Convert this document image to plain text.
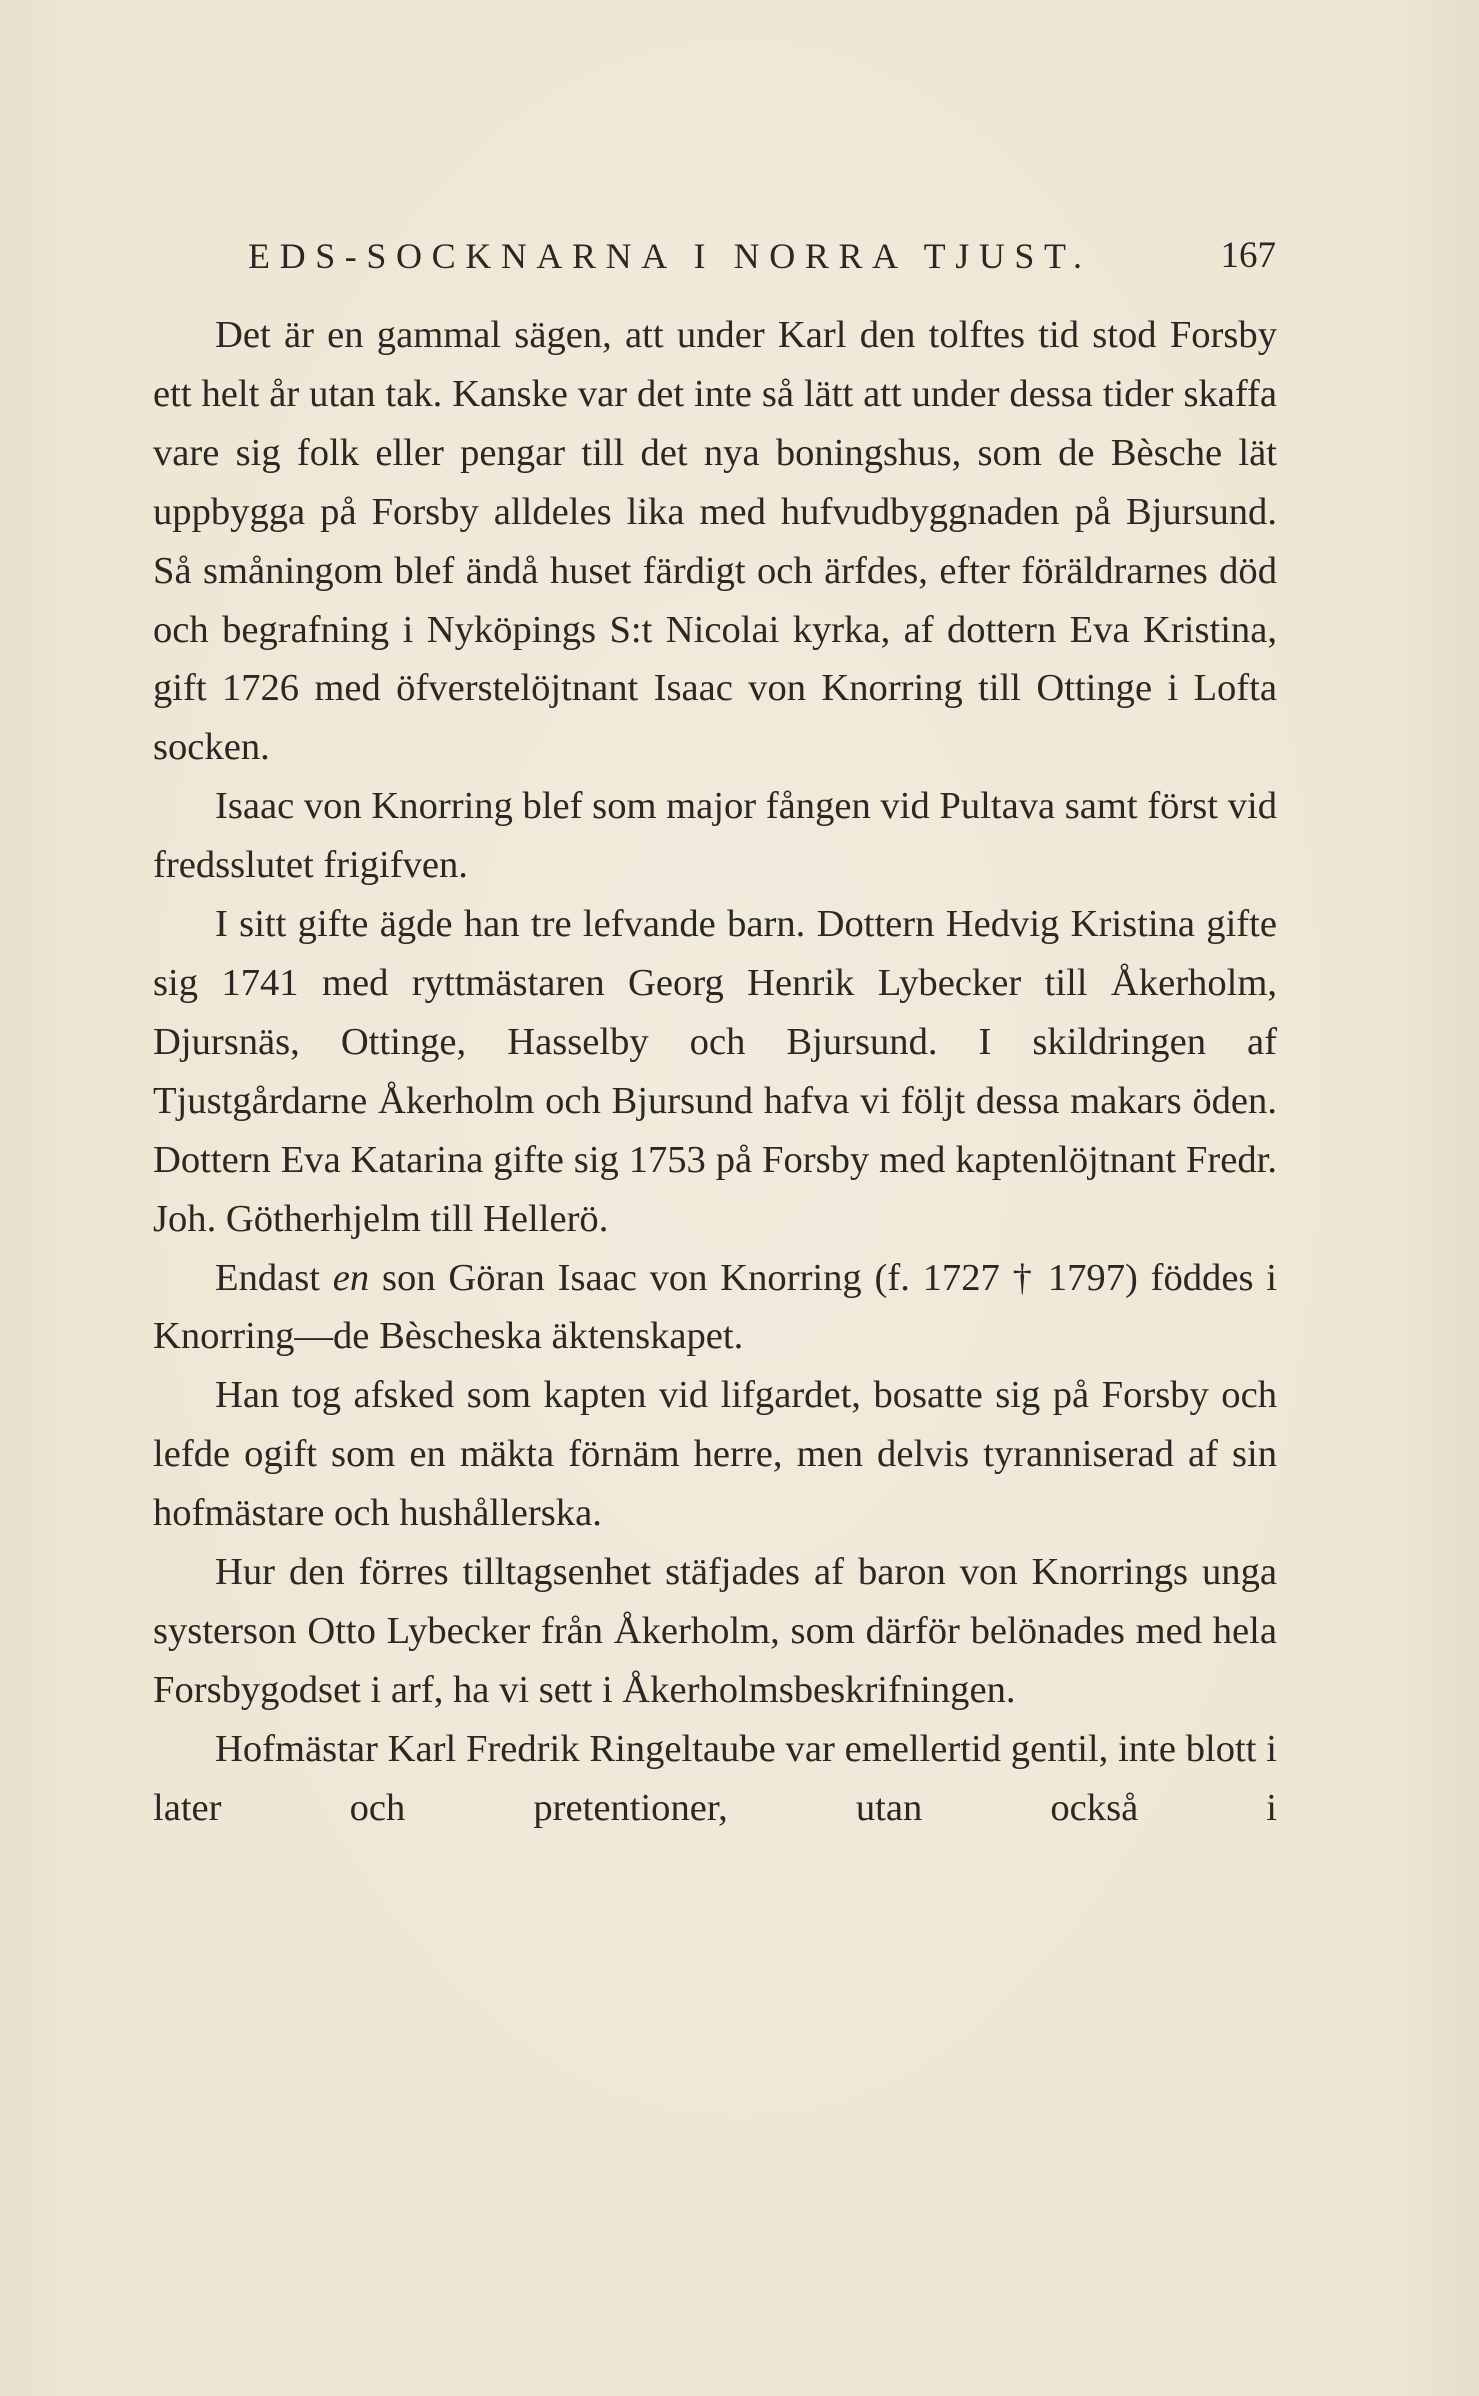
EDS-SOCKNARNA I NORRA TJUST.	167

Det är en gammal sägen, att under Karl den tolftes tid stod Forsby ett helt år utan tak. Kanske var det inte så lätt att under dessa tider skaffa vare sig folk eller pengar till det nya boningshus, som de Bèsche lät uppbygga på Forsby alldeles lika med hufvudbyggnaden på Bjursund. Så småningom blef ändå huset färdigt och ärfdes, efter föräldrarnes död och begrafning i Nyköpings S:t Nicolai kyrka, af dottern Eva Kristina, gift 1726 med öfverstelöjtnant Isaac von Knorring till Ottinge i Lofta socken.

Isaac von Knorring blef som major fången vid Pultava samt först vid fredsslutet frigifven.

I sitt gifte ägde han tre lefvande barn. Dottern Hedvig Kristina gifte sig 1741 med ryttmästaren Georg Henrik Lybecker till Åkerholm, Djursnäs, Ottinge, Hasselby och Bjursund. I skildringen af Tjustgårdarne Åkerholm och Bjursund hafva vi följt dessa makars öden. Dottern Eva Katarina gifte sig 1753 på Forsby med kaptenlöjtnant Fredr. Joh. Götherhjelm till Hellerö.

Endast en son Göran Isaac von Knorring (f. 1727 † 1797) föddes i Knorring—de Bèscheska äktenskapet.

Han tog afsked som kapten vid lifgardet, bosatte sig på Forsby och lefde ogift som en mäkta förnäm herre, men delvis tyranniserad af sin hofmästare och hushållerska.

Hur den förres tilltagsenhet stäfjades af baron von Knorrings unga systerson Otto Lybecker från Åkerholm, som därför belönades med hela Forsbygodset i arf, ha vi sett i Åkerholmsbeskrifningen.

Hofmästar Karl Fredrik Ringeltaube var emellertid gentil, inte blott i later och pretentioner, utan också i
